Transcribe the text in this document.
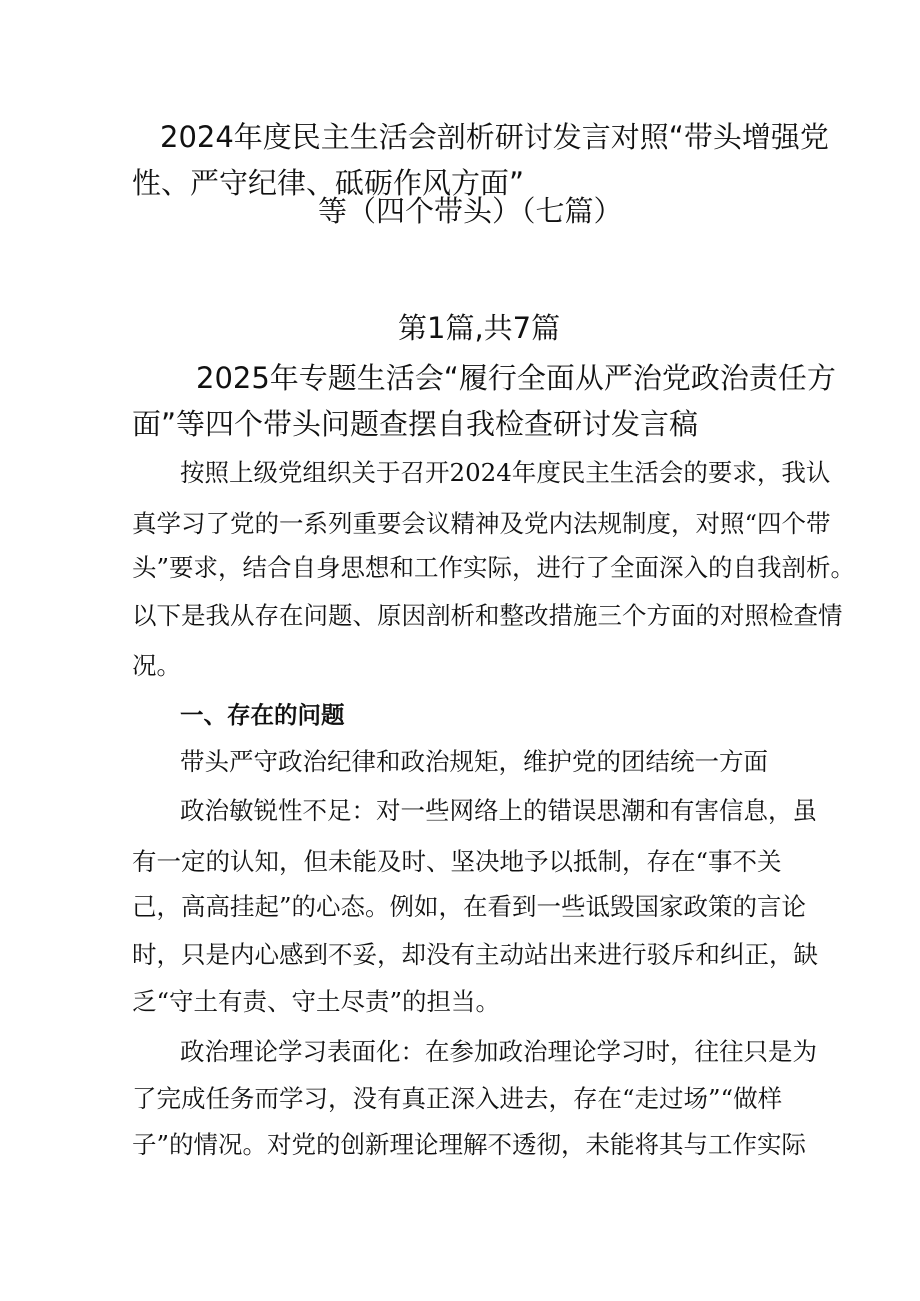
2024年度民主生活会剖析研讨发言对照“带头增强党
性、严守纪律、砥砺作风方面”
等（四个带头）（七篇）
第1篇,共7篇
2025年专题生活会“履行全面从严治党政治责任方
面”等四个带头问题查摆自我检查研讨发言稿
按照上级党组织关于召开2024年度民主生活会的要求，我认
真学习了党的一系列重要会议精神及党内法规制度，对照“四个带
头”要求，结合自身思想和工作实际，进行了全面深入的自我剖析。
以下是我从存在问题、原因剖析和整改措施三个方面的对照检查情
况。
一、存在的问题
带头严守政治纪律和政治规矩，维护党的团结统一方面
政治敏锐性不足：对一些网络上的错误思潮和有害信息，虽
有一定的认知，但未能及时、坚决地予以抵制，存在“事不关
己，高高挂起”的心态。例如，在看到一些诋毁国家政策的言论
时，只是内心感到不妥，却没有主动站出来进行驳斥和纠正，缺
乏“守土有责、守土尽责”的担当。
政治理论学习表面化：在参加政治理论学习时，往往只是为
了完成任务而学习，没有真正深入进去，存在“走过场”“做样
子”的情况。对党的创新理论理解不透彻，未能将其与工作实际
